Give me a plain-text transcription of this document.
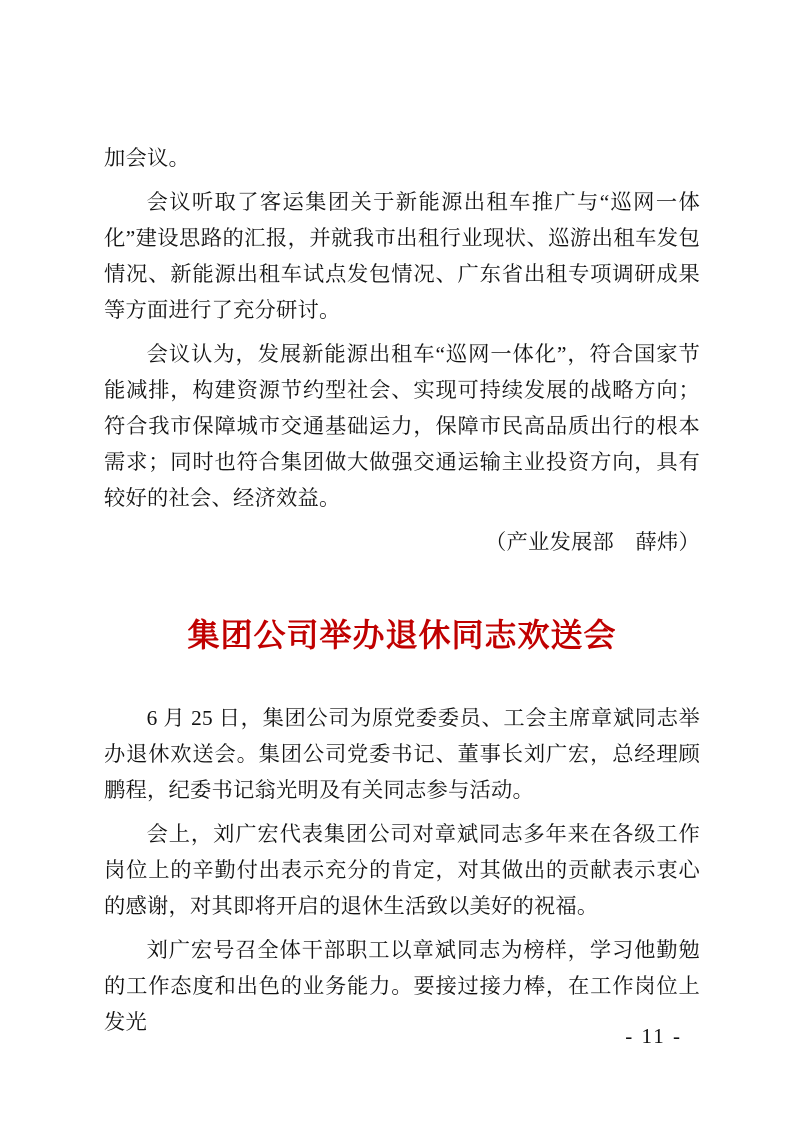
加会议。

会议听取了客运集团关于新能源出租车推广与“巡网一体化”建设思路的汇报，并就我市出租行业现状、巡游出租车发包情况、新能源出租车试点发包情况、广东省出租专项调研成果等方面进行了充分研讨。

会议认为，发展新能源出租车“巡网一体化”，符合国家节能减排，构建资源节约型社会、实现可持续发展的战略方向；符合我市保障城市交通基础运力，保障市民高品质出行的根本需求；同时也符合集团做大做强交通运输主业投资方向，具有较好的社会、经济效益。

（产业发展部　薛炜）

集团公司举办退休同志欢送会

6 月 25 日，集团公司为原党委委员、工会主席章斌同志举办退休欢送会。集团公司党委书记、董事长刘广宏，总经理顾鹏程，纪委书记翁光明及有关同志参与活动。

会上，刘广宏代表集团公司对章斌同志多年来在各级工作岗位上的辛勤付出表示充分的肯定，对其做出的贡献表示衷心的感谢，对其即将开启的退休生活致以美好的祝福。

刘广宏号召全体干部职工以章斌同志为榜样，学习他勤勉的工作态度和出色的业务能力。要接过接力棒，在工作岗位上发光

- 11 -
